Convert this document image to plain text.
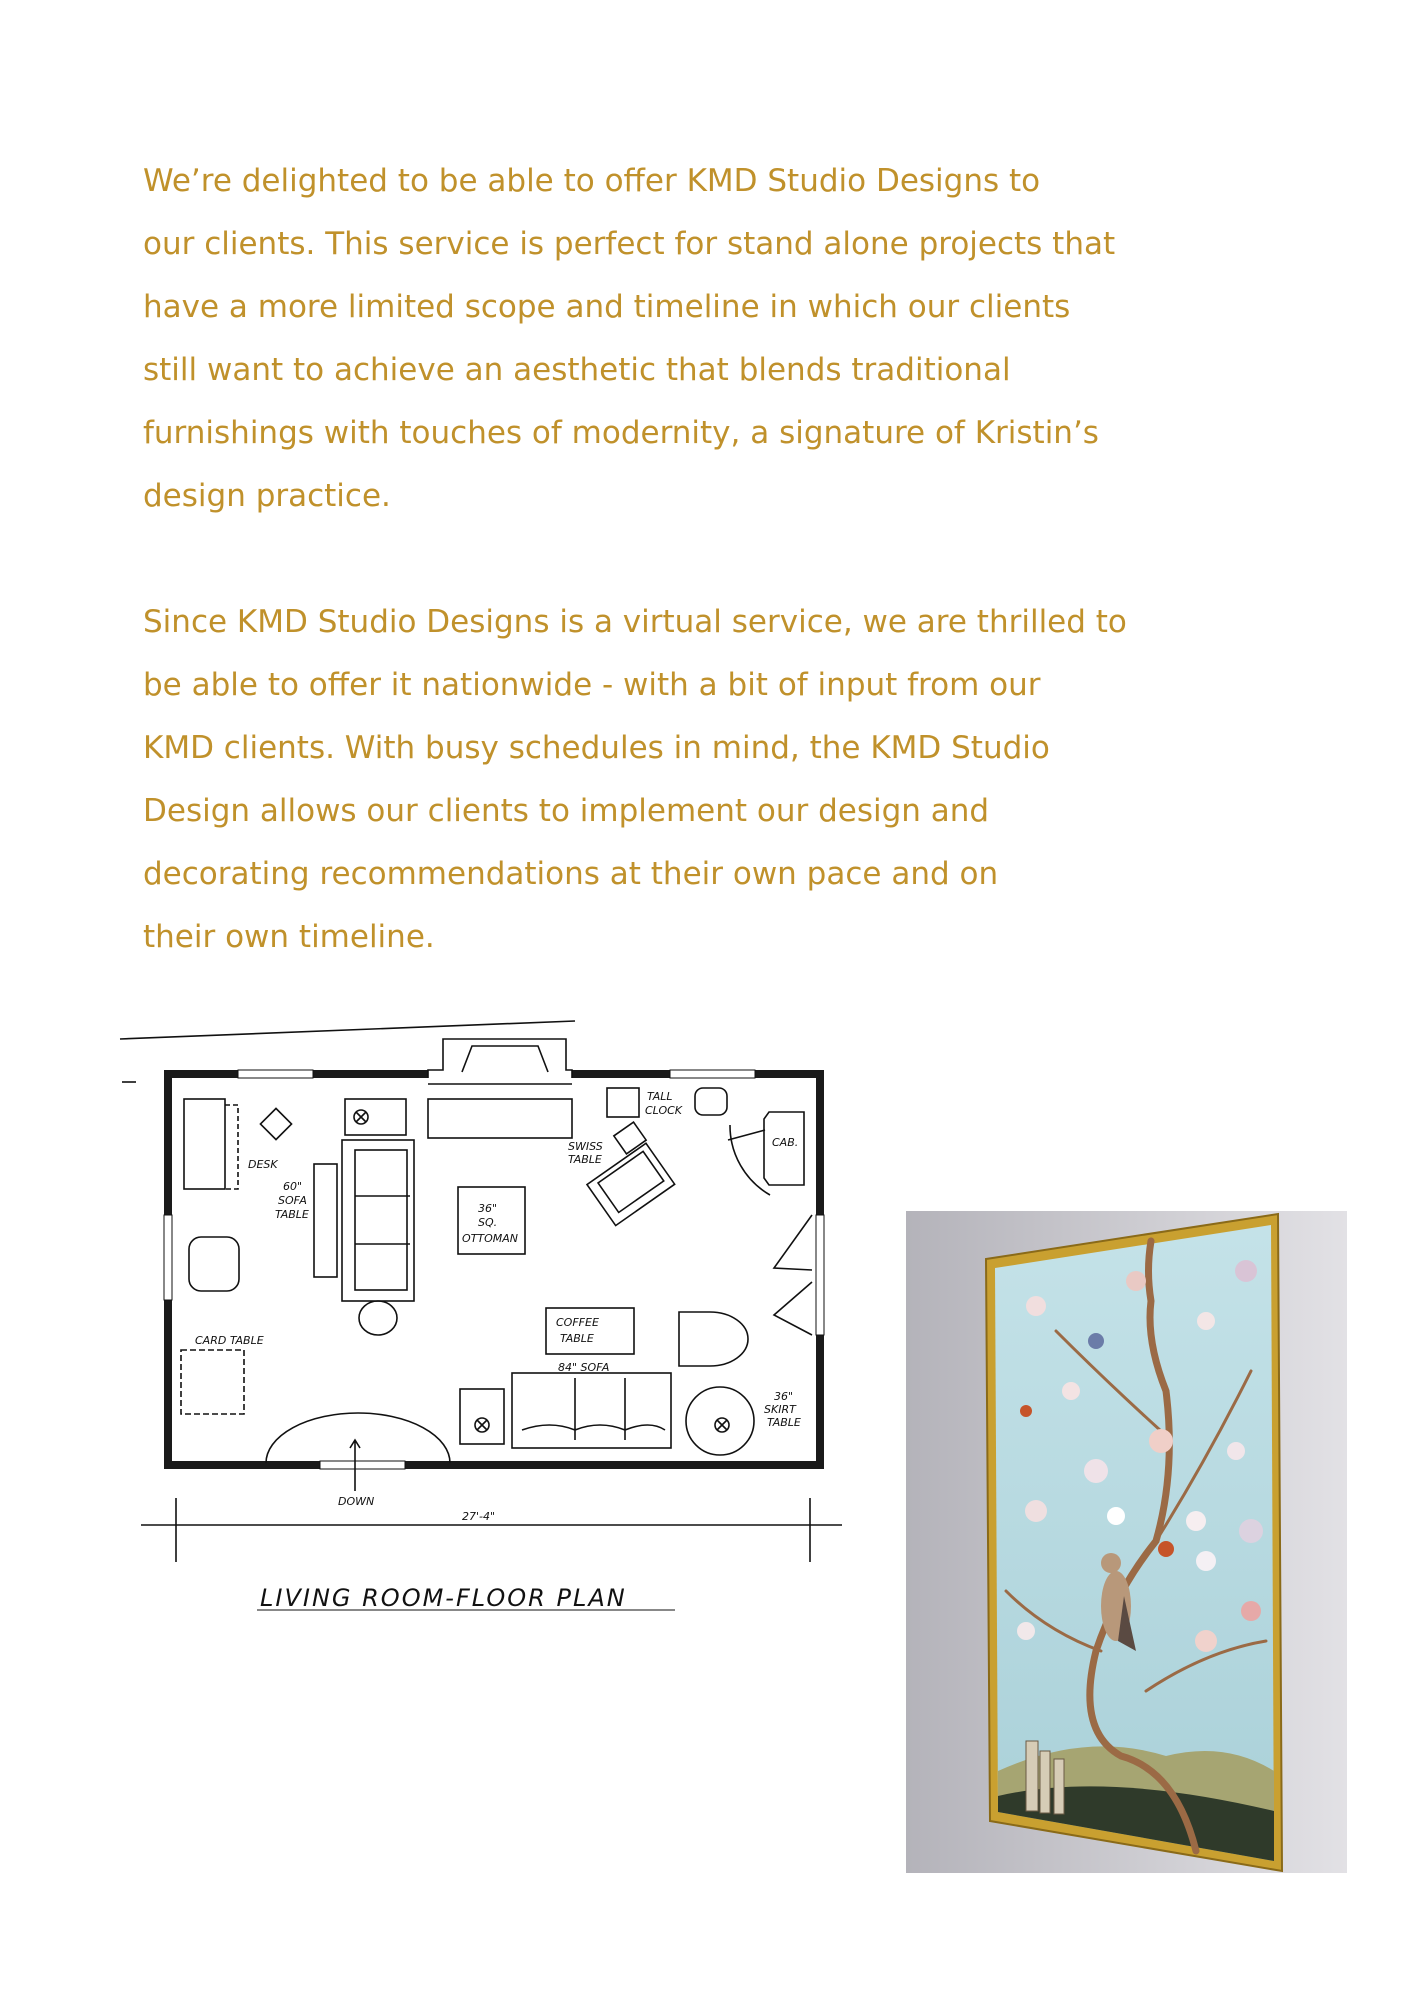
We’re delighted to be able to offer KMD Studio Designs to
our clients. This service is perfect for stand alone projects that
have a more limited scope and timeline in which our clients
still want to achieve an aesthetic that blends traditional
furnishings with touches of modernity, a signature of Kristin’s
design practice.

Since KMD Studio Designs is a virtual service, we are thrilled to
be able to offer it nationwide - with a bit of input from our
KMD clients. With busy schedules in mind, the KMD Studio
Design allows our clients to implement our design and
decorating recommendations at their own pace and on
their own timeline.

DESK
60"
SOFA
TABLE	36"
SQ.
OTTOMAN
CARD TABLE
DOWN
TALL
CLOCK
SWISS
TABLE
CAB.
COFFEE
TABLE
84" SOFA
36"
SKIRT
TABLE
27'-4"
LIVING ROOM-FLOOR PLAN
